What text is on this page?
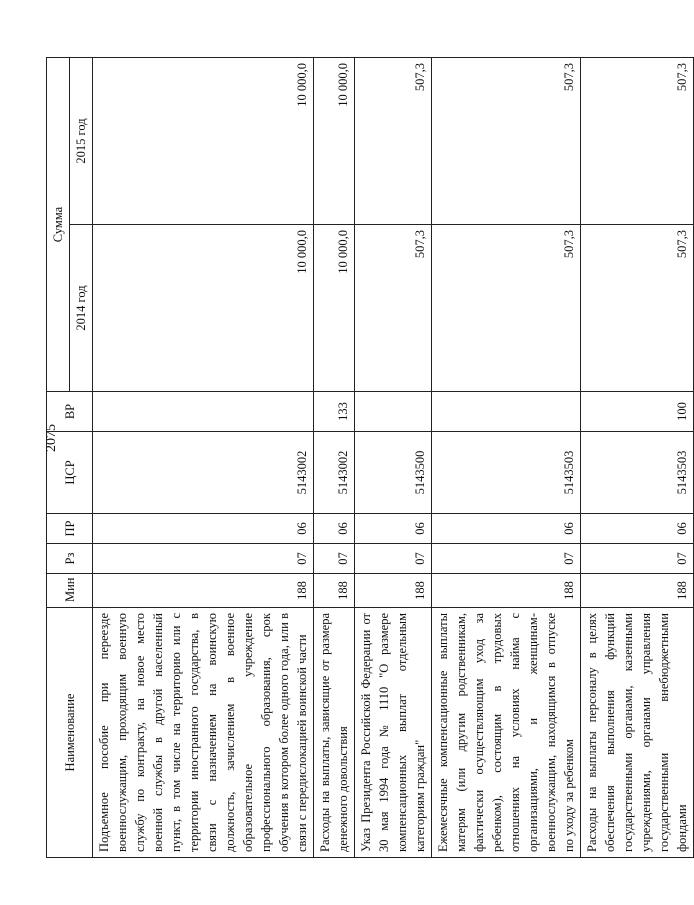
2075
Наименование	Мин	Рз	ПР	ЦСР	ВР	Сумма	
						2014 год	2015 год
Подъемное пособие при переезде военнослужащим, проходящим военную службу по контракту, на новое место военной службы в другой населенный пункт, в том числе на территорию или с территории иностранного государства, в связи с назначением на воинскую должность, зачислением в военное образовательное учреждение профессионального образования, срок обучения в котором более одного года, или в связи с передислокацией воинской части	188	07	06	5143002		10 000,0	10 000,0
Расходы на выплаты, зависящие от размера денежного довольствия	188	07	06	5143002	133	10 000,0	10 000,0
Указ Президента Российской Федерации от 30 мая 1994 года № 1110 "О размере компенсационных выплат отдельным категориям граждан"	188	07	06	5143500		507,3	507,3
Ежемесячные компенсационные выплаты матерям (или другим родственникам, фактически осуществляющим уход за ребенком), состоящим в трудовых отношениях на условиях найма с организациями, и женщинам-военнослужащим, находящимся в отпуске по уходу за ребенком	188	07	06	5143503		507,3	507,3
Расходы на выплаты персоналу в целях обеспечения выполнения функций государственными органами, казенными учреждениями, органами управления государственными внебюджетными фондами	188	07	06	5143503	100	507,3	507,3
